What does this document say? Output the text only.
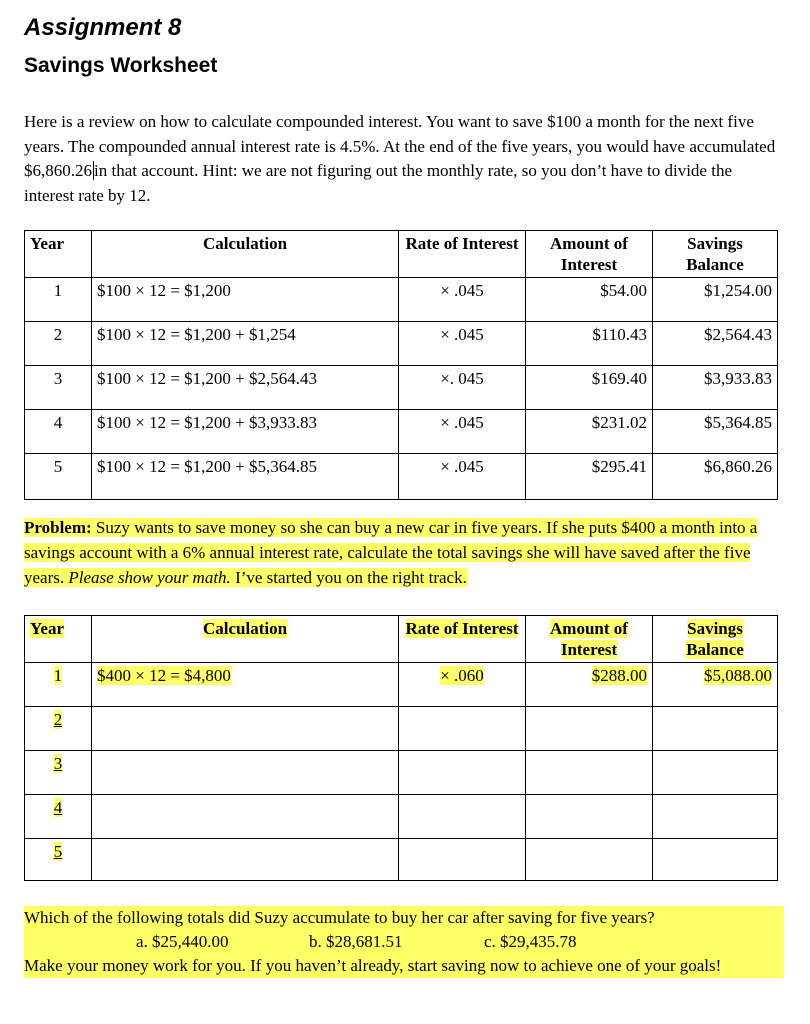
Assignment 8
Savings Worksheet
Here is a review on how to calculate compounded interest. You want to save $100 a month for the next five years. The compounded annual interest rate is 4.5%. At the end of the five years, you would have accumulated $6,860.26 in that account. Hint: we are not figuring out the monthly rate, so you don’t have to divide the interest rate by 12.
Year	Calculation	Rate of Interest	Amount of Interest	Savings Balance
1	$100 × 12 = $1,200	× .045	$54.00	$1,254.00
2	$100 × 12 = $1,200 + $1,254	× .045	$110.43	$2,564.43
3	$100 × 12 = $1,200 + $2,564.43	×. 045	$169.40	$3,933.83
4	$100 × 12 = $1,200 + $3,933.83	× .045	$231.02	$5,364.85
5	$100 × 12 = $1,200 + $5,364.85	× .045	$295.41	$6,860.26
Problem: Suzy wants to save money so she can buy a new car in five years. If she puts $400 a month into a savings account with a 6% annual interest rate, calculate the total savings she will have saved after the five years. Please show your math. I’ve started you on the right track.
Year	Calculation	Rate of Interest	Amount of Interest	Savings Balance
1	$400 × 12 = $4,800	× .060	$288.00	$5,088.00
2				
3				
4				
5				
Which of the following totals did Suzy accumulate to buy her car after saving for five years?
a. $25,440.00	b. $28,681.51	c. $29,435.78
Make your money work for you. If you haven’t already, start saving now to achieve one of your goals!
